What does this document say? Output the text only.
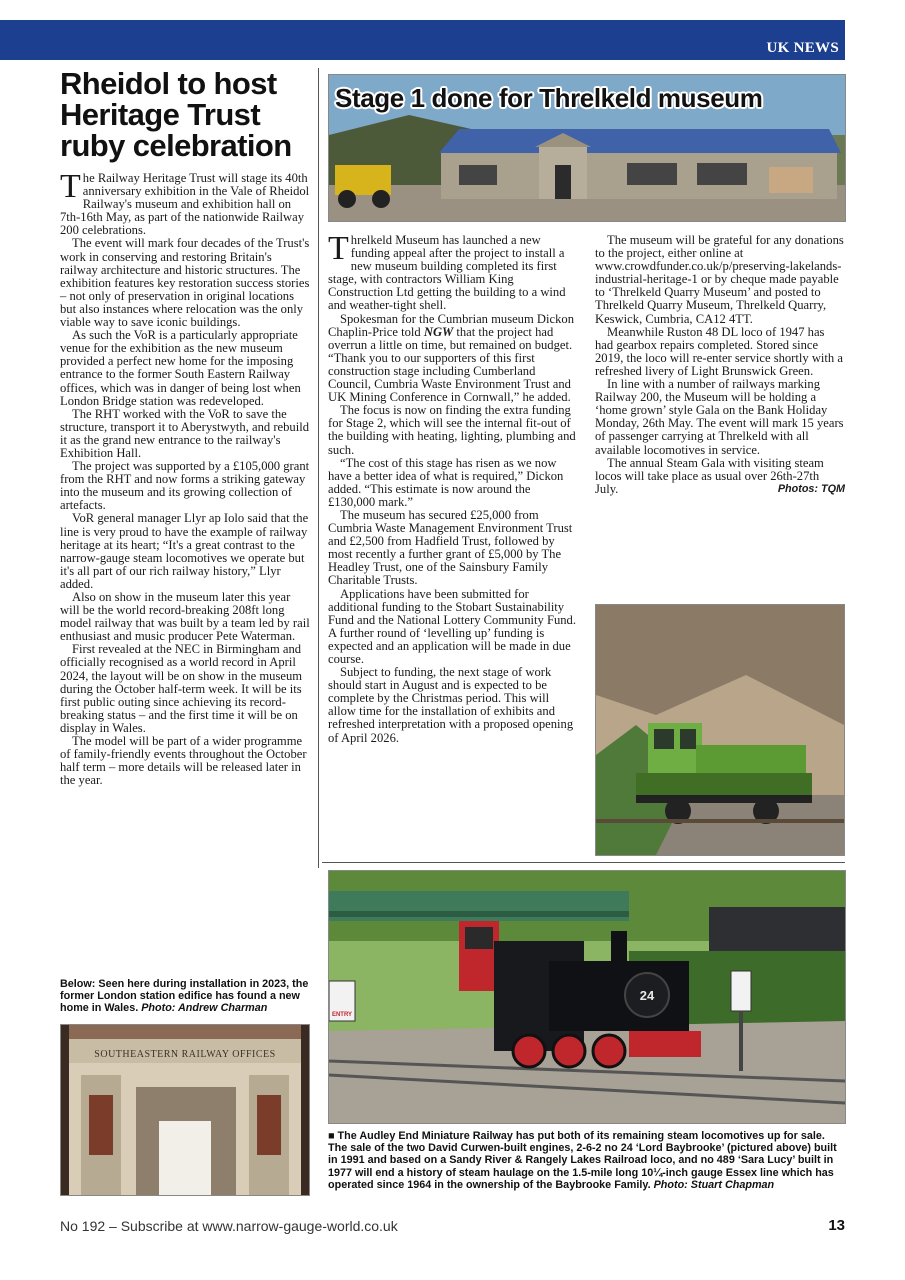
UK NEWS
Rheidol to host Heritage Trust ruby celebration

The Railway Heritage Trust will stage its 40th anniversary exhibition in the Vale of Rheidol Railway's museum and exhibition hall on 7th-16th May, as part of the nationwide Railway 200 celebrations.

The event will mark four decades of the Trust's work in conserving and restoring Britain's railway architecture and historic structures. The exhibition features key restoration success stories – not only of preservation in original locations but also instances where relocation was the only viable way to save iconic buildings.

As such the VoR is a particularly appropriate venue for the exhibition as the new museum provided a perfect new home for the imposing entrance to the former South Eastern Railway offices, which was in danger of being lost when London Bridge station was redeveloped.

The RHT worked with the VoR to save the structure, transport it to Aberystwyth, and rebuild it as the grand new entrance to the railway's Exhibition Hall.

The project was supported by a £105,000 grant from the RHT and now forms a striking gateway into the museum and its growing collection of artefacts.

VoR general manager Llyr ap Iolo said that the line is very proud to have the example of railway heritage at its heart; “It's a great contrast to the narrow-gauge steam locomotives we operate but it's all part of our rich railway history,” Llyr added.

Also on show in the museum later this year will be the world record-breaking 208ft long model railway that was built by a team led by rail enthusiast and music producer Pete Waterman.

First revealed at the NEC in Birmingham and officially recognised as a world record in April 2024, the layout will be on show in the museum during the October half-term week. It will be its first public outing since achieving its record-breaking status – and the first time it will be on display in Wales.

The model will be part of a wider programme of family-friendly events throughout the October half term – more details will be released later in the year.

Below: Seen here during installation in 2023, the former London station edifice has found a new home in Wales. Photo: Andrew Charman
SOUTHEASTERN RAILWAY OFFICES
Stage 1 done for Threlkeld museum

Threlkeld Museum has launched a new funding appeal after the project to install a new museum building completed its first stage, with contractors William King Construction Ltd getting the building to a wind and weather-tight shell.

Spokesman for the Cumbrian museum Dickon Chaplin-Price told NGW that the project had overrun a little on time, but remained on budget. “Thank you to our supporters of this first construction stage including Cumberland Council, Cumbria Waste Environment Trust and UK Mining Conference in Cornwall,” he added.

The focus is now on finding the extra funding for Stage 2, which will see the internal fit-out of the building with heating, lighting, plumbing and such.

“The cost of this stage has risen as we now have a better idea of what is required,” Dickon added. “This estimate is now around the £130,000 mark.”

The museum has secured £25,000 from Cumbria Waste Management Environment Trust and £2,500 from Hadfield Trust, followed by most recently a further grant of £5,000 by The Headley Trust, one of the Sainsbury Family Charitable Trusts.

Applications have been submitted for additional funding to the Stobart Sustainability Fund and the National Lottery Community Fund. A further round of ‘levelling up’ funding is expected and an application will be made in due course.

Subject to funding, the next stage of work should start in August and is expected to be complete by the Christmas period. This will allow time for the installation of exhibits and refreshed interpretation with a proposed opening of April 2026.

The museum will be grateful for any donations to the project, either online at www.crowdfunder.co.uk/p/preserving-lakelands-industrial-heritage-1 or by cheque made payable to ‘Threlkeld Quarry Museum’ and posted to Threlkeld Quarry Museum, Threlkeld Quarry, Keswick, Cumbria, CA12 4TT.

Meanwhile Ruston 48 DL loco of 1947 has had gearbox repairs completed. Stored since 2019, the loco will re-enter service shortly with a refreshed livery of Light Brunswick Green.

In line with a number of railways marking Railway 200, the Museum will be holding a ‘home grown’ style Gala on the Bank Holiday Monday, 26th May. The event will mark 15 years of passenger carrying at Threlkeld with all available locomotives in service.

The annual Steam Gala with visiting steam locos will take place as usual over 26th-27th July.	Photos: TQM

24
ENTRY
■ The Audley End Miniature Railway has put both of its remaining steam locomotives up for sale. The sale of the two David Curwen-built engines, 2-6-2 no 24 ‘Lord Baybrooke’ (pictured above) built in 1991 and based on a Sandy River & Rangely Lakes Railroad loco, and no 489 ‘Sara Lucy’ built in 1977 will end a history of steam haulage on the 1.5-mile long 10¼-inch gauge Essex line which has operated since 1964 in the ownership of the Baybrooke Family. Photo: Stuart Chapman
No 192 – Subscribe at www.narrow-gauge-world.co.uk	13
